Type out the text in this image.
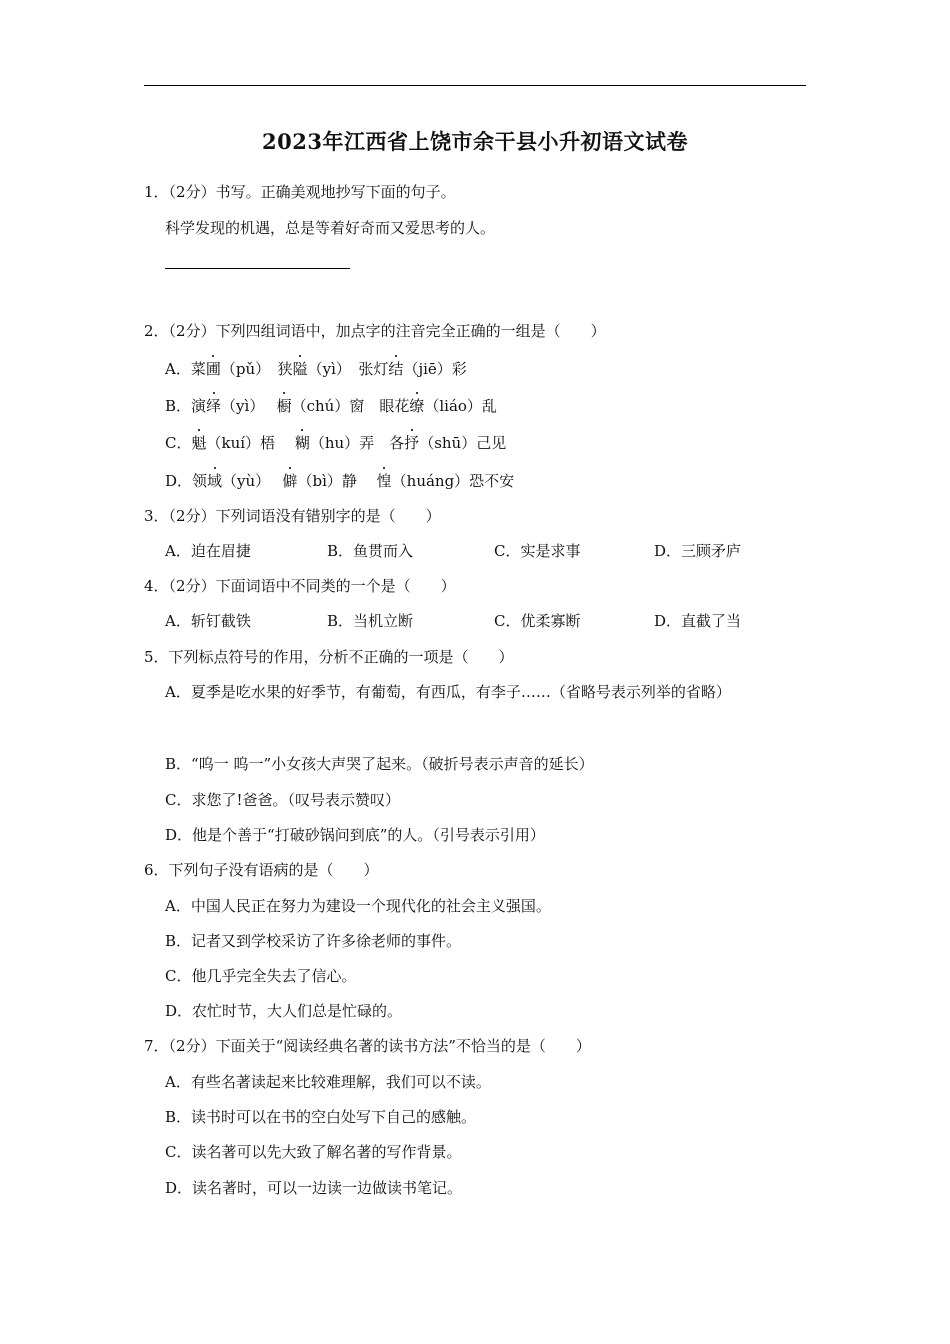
2023年江西省上饶市余干县小升初语文试卷
1．（2分）书写。正确美观地抄写下面的句子。
科学发现的机遇，总是等着好奇而又爱思考的人。
2．（2分）下列四组词语中，加点字的注音完全正确的一组是（　　）
A．菜圃（pǔ）　狭隘（yì）　张灯结（jiē）彩
B．演绎（yì）　 橱（chú）窗　眼花缭（liáo）乱
C．魁（kuí）梧　 糊（hu）弄　各抒（shū）己见
D．领域（yù）　 僻（bì）静　 惶（huáng）恐不安
3．（2分）下列词语没有错别字的是（　　）
A．迫在眉捷	B．鱼贯而入	C．实是求事	D．三顾矛庐
4．（2分）下面词语中不同类的一个是（　　）
A．斩钉截铁	B．当机立断	C．优柔寡断	D．直截了当
5．下列标点符号的作用，分析不正确的一项是（　　）
A．夏季是吃水果的好季节，有葡萄，有西瓜，有李子……（省略号表示列举的省略）
B．“呜一 呜一”小女孩大声哭了起来。（破折号表示声音的延长）
C．求您了!爸爸。（叹号表示赞叹）
D．他是个善于“打破砂锅问到底”的人。（引号表示引用）
6．下列句子没有语病的是（　　）
A．中国人民正在努力为建设一个现代化的社会主义强国。
B．记者又到学校采访了许多徐老师的事件。
C．他几乎完全失去了信心。
D．农忙时节，大人们总是忙碌的。
7．（2分）下面关于“阅读经典名著的读书方法”不恰当的是（　　）
A．有些名著读起来比较难理解，我们可以不读。
B．读书时可以在书的空白处写下自己的感触。
C．读名著可以先大致了解名著的写作背景。
D．读名著时，可以一边读一边做读书笔记。
